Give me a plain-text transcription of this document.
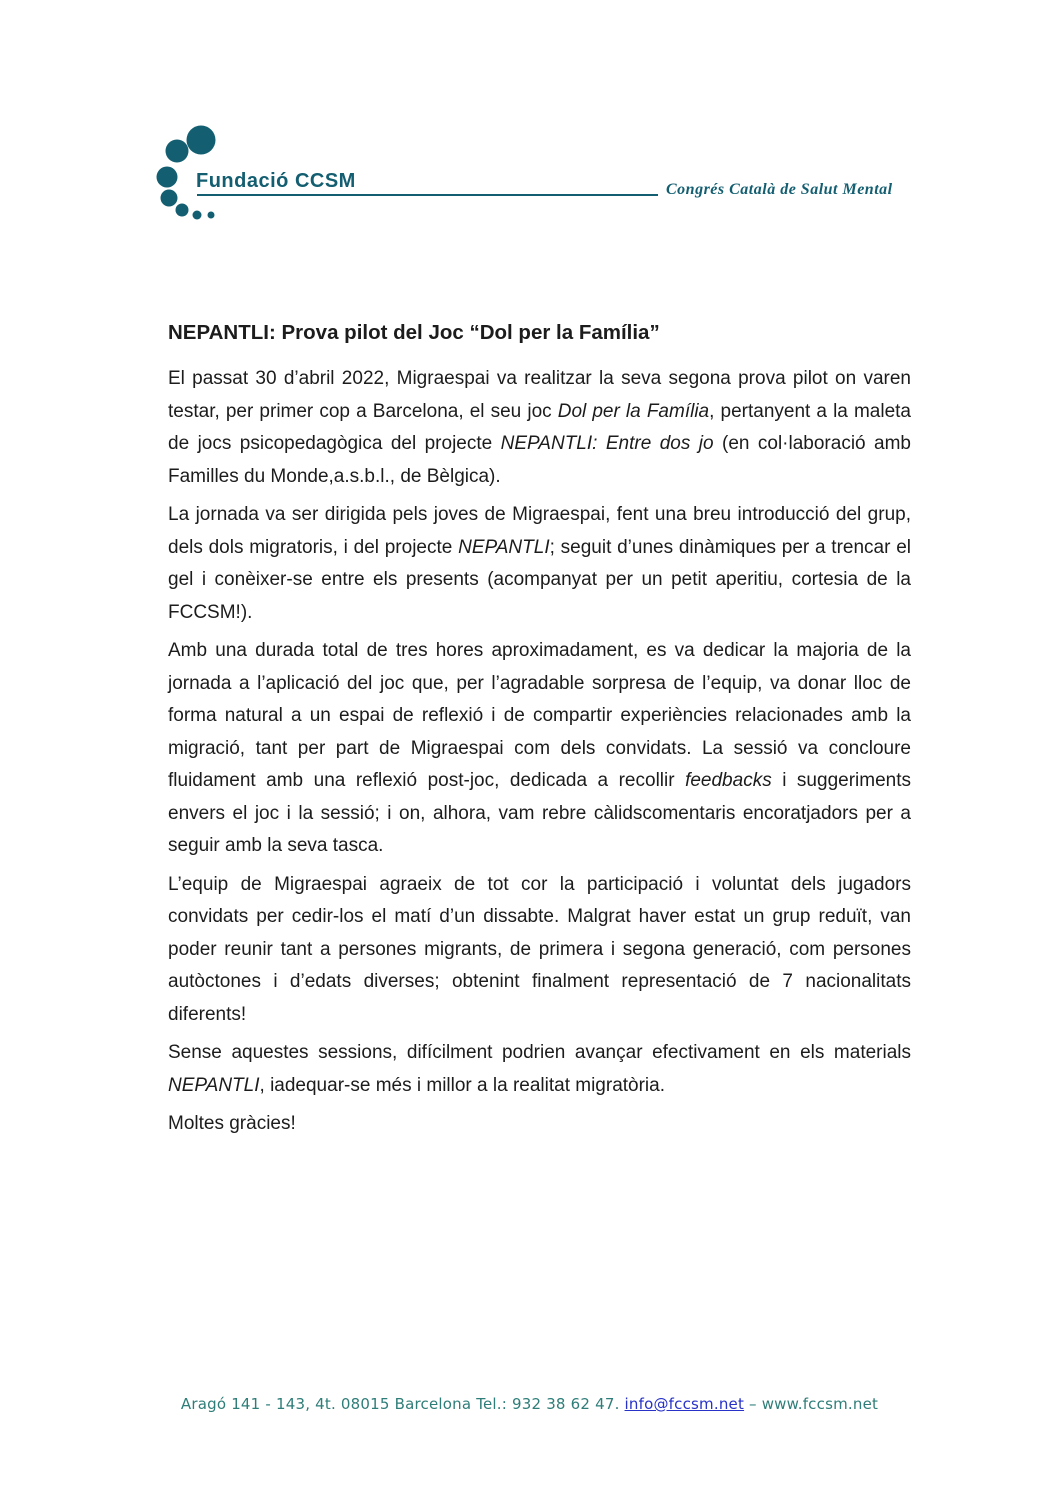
Fundació CCSM	Congrés Català de Salut Mental
NEPANTLI: Prova pilot del Joc “Dol per la Família”

El passat 30 d’abril 2022, Migraespai va realitzar la seva segona prova pilot on varen testar, per primer cop a Barcelona, el seu joc Dol per la Família, pertanyent a la maleta de jocs psicopedagògica del projecte NEPANTLI: Entre dos jo (en col·laboració amb Familles du Monde,a.s.b.l., de Bèlgica).

La jornada va ser dirigida pels joves de Migraespai, fent una breu introducció del grup, dels dols migratoris, i del projecte NEPANTLI; seguit d’unes dinàmiques per a trencar el gel i conèixer-se entre els presents (acompanyat per un petit aperitiu, cortesia de la FCCSM!).

Amb una durada total de tres hores aproximadament, es va dedicar la majoria de la jornada a l’aplicació del joc que, per l’agradable sorpresa de l’equip, va donar lloc de forma natural a un espai de reflexió i de compartir experiències relacionades amb la migració, tant per part de Migraespai com dels convidats. La sessió va concloure fluidament amb una reflexió post-joc, dedicada a recollir feedbacks i suggeriments envers el joc i la sessió; i on, alhora, vam rebre càlidscomentaris encoratjadors per a seguir amb la seva tasca.

L’equip de Migraespai agraeix de tot cor la participació i voluntat dels jugadors convidats per cedir-los el matí d’un dissabte. Malgrat haver estat un grup reduït, van poder reunir tant a persones migrants, de primera i segona generació, com persones autòctones i d’edats diverses; obtenint finalment representació de 7 nacionalitats diferents!

Sense aquestes sessions, difícilment podrien avançar efectivament en els materials NEPANTLI, iadequar-se més i millor a la realitat migratòria.

Moltes gràcies!

Aragó 141 - 143, 4t. 08015 Barcelona Tel.: 932 38 62 47. info@fccsm.net – www.fccsm.net
